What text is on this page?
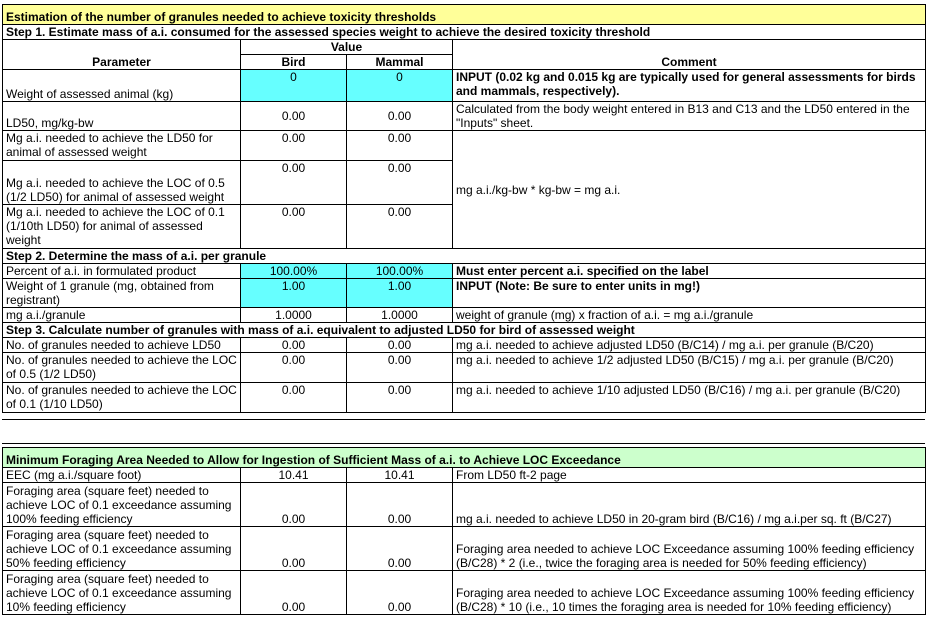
Estimation of the number of granules needed to achieve toxicity thresholds			
Step 1. Estimate mass of a.i. consumed for the assessed species weight to achieve the desired toxicity threshold			
Parameter	Value		Comment
	Bird	Mammal	
Weight of assessed animal (kg)	0	0	INPUT (0.02 kg and 0.015 kg are typically used for general assessments for birds and mammals, respectively).
LD50, mg/kg-bw	0.00	0.00	Calculated from the body weight entered in B13 and C13 and the LD50 entered in the "Inputs" sheet.
Mg a.i. needed to achieve the LD50 for animal of assessed weight	0.00	0.00	mg a.i./kg-bw * kg-bw = mg a.i.
Mg a.i. needed to achieve the LOC of 0.5 (1/2 LD50) for animal of assessed weight	0.00	0.00	
Mg a.i. needed to achieve the LOC of 0.1 (1/10th LD50) for animal of assessed weight	0.00	0.00	
Step 2. Determine the mass of a.i. per granule			
Percent of a.i. in formulated product	100.00%	100.00%	Must enter percent a.i. specified on the label
Weight of 1 granule (mg, obtained from registrant)	1.00	1.00	INPUT (Note: Be sure to enter units in mg!)
mg a.i./granule	1.0000	1.0000	weight of granule (mg) x fraction of a.i. = mg a.i./granule
Step 3. Calculate number of granules with mass of a.i. equivalent to adjusted LD50 for bird of assessed weight			
No. of granules needed to achieve LD50	0.00	0.00	mg a.i. needed to achieve adjusted LD50 (B/C14) / mg a.i. per granule (B/C20)
No. of granules needed to achieve the LOC of 0.5 (1/2 LD50)	0.00	0.00	mg a.i. needed to achieve 1/2 adjusted LD50 (B/C15) / mg a.i. per granule (B/C20)
No. of granules needed to achieve the LOC of 0.1 (1/10 LD50)	0.00	0.00	mg a.i. needed to achieve 1/10 adjusted LD50 (B/C16) / mg a.i. per granule (B/C20)
Minimum Foraging Area Needed to Allow for Ingestion of Sufficient Mass of a.i. to Achieve LOC Exceedance			
EEC (mg a.i./square foot)	10.41	10.41	From LD50 ft-2 page
Foraging area (square feet) needed to achieve LOC of 0.1 exceedance assuming 100% feeding efficiency	0.00	0.00	mg a.i. needed to achieve LD50 in 20-gram bird (B/C16) / mg a.i.per sq. ft (B/C27)
Foraging area (square feet) needed to achieve LOC of 0.1 exceedance assuming 50% feeding efficiency	0.00	0.00	Foraging area needed to achieve LOC Exceedance assuming 100% feeding efficiency (B/C28) * 2 (i.e., twice the foraging area is needed for 50% feeding efficiency)
Foraging area (square feet) needed to achieve LOC of 0.1 exceedance assuming 10% feeding efficiency	0.00	0.00	Foraging area needed to achieve LOC Exceedance assuming 100% feeding efficiency (B/C28) * 10 (i.e., 10 times the foraging area is needed for 10% feeding efficiency)
